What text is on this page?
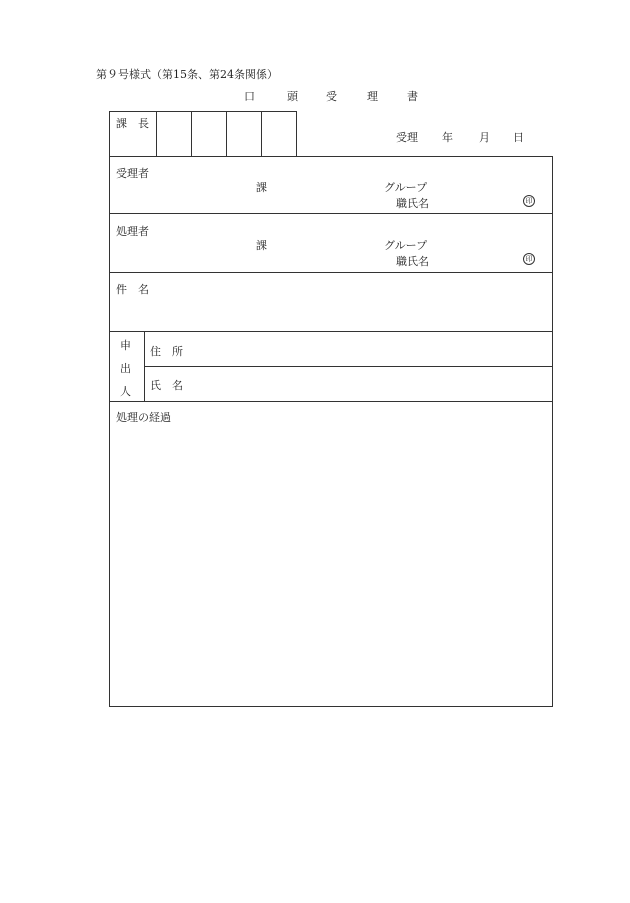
第９号様式（第15条、第24条関係）
口	頭	受	理	書
課　長
受理 年 月 日
受理者
課	グループ
職氏名	印
処理者
課	グループ
職氏名	印
件　名
申
出
人
住　所
氏　名
処理の経過
